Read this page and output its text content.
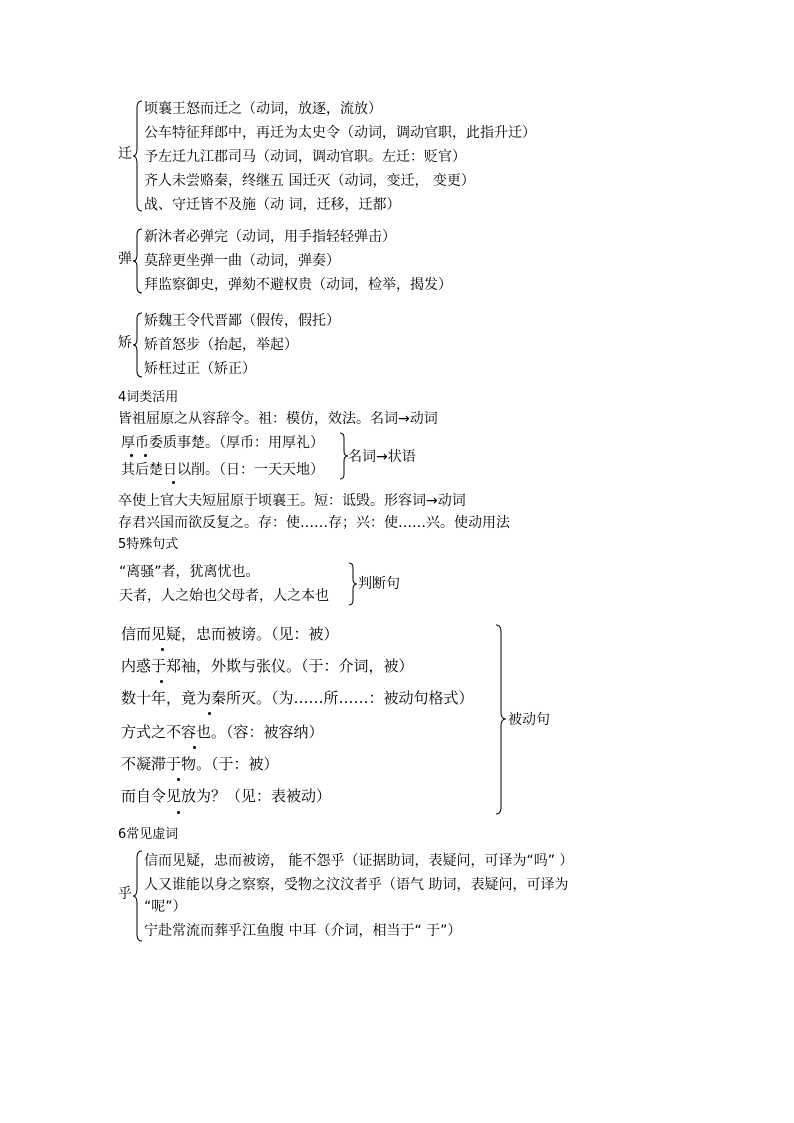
迁
顷襄王怒而迁之（动词，放逐，流放）
公车特征拜郎中，再迁为太史令（动词，调动官职，此指升迁）
予左迁九江郡司马（动词，调动官职。左迁：贬官）
齐人未尝赂秦，终继五 国迁灭（动词，变迁， 变更）
战、守迁皆不及施（动 词，迁移，迁都）
弹
新沐者必弹完（动词，用手指轻轻弹击）
莫辞更坐弹一曲（动词，弹奏）
拜监察御史，弹劾不避权贵（动词，检举，揭发）
矫
矫魏王令代晋鄙（假传，假托）
矫首怒步（抬起，举起）
矫枉过正（矫正）
4词类活用
皆祖屈原之从容辞令。祖：模仿，效法。名词→动词
厚币委质事楚。（厚币：用厚礼）
其后楚日以削。（日：一天天地）
名词→状语
卒使上官大夫短屈原于顷襄王。短：诋毁。形容词→动词
存君兴国而欲反复之。存：使……存；兴：使……兴。使动用法
5特殊句式
“离骚”者，犹离忧也。
天者，人之始也父母者，人之本也
判断句
信而见疑，忠而被谤。（见：被）
内惑于郑袖，外欺与张仪。（于：介词，被）
数十年，竟为秦所灭。（为……所……：被动句格式）
方式之不容也。（容：被容纳）
不凝滞于物。（于：被）
而自令见放为？（见：表被动）
被动句
6常见虚词
乎
信而见疑，忠而被谤， 能不怨乎（证据助词，表疑问，可译为“吗” ）
人又谁能以身之察察，受物之汶汶者乎（语气 助词，表疑问，可译为
“呢”）
宁赴常流而葬乎江鱼腹 中耳（介词，相当于“ 于”）
